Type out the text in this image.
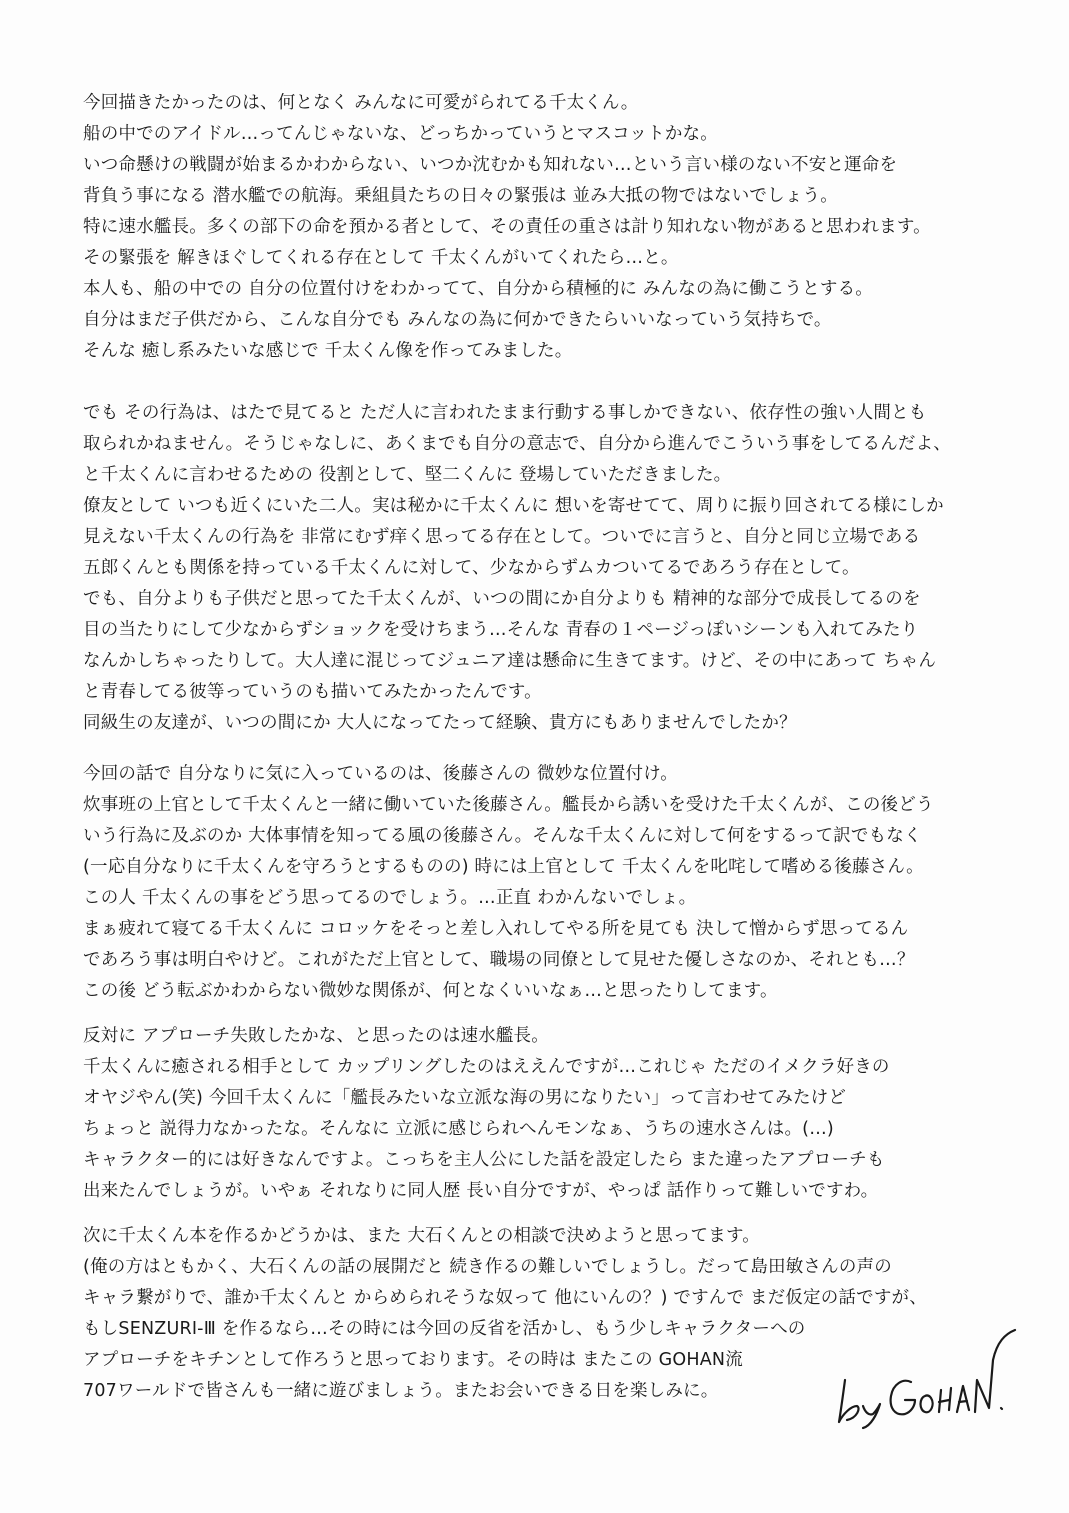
今回描きたかったのは、何となく みんなに可愛がられてる千太くん。
船の中でのアイドル…ってんじゃないな、どっちかっていうとマスコットかな。
いつ命懸けの戦闘が始まるかわからない、いつか沈むかも知れない…という言い様のない不安と運命を
背負う事になる 潜水艦での航海。乗組員たちの日々の緊張は 並み大抵の物ではないでしょう。
特に速水艦長。多くの部下の命を預かる者として、その責任の重さは計り知れない物があると思われます。
その緊張を 解きほぐしてくれる存在として 千太くんがいてくれたら…と。
本人も、船の中での 自分の位置付けをわかってて、自分から積極的に みんなの為に働こうとする。
自分はまだ子供だから、こんな自分でも みんなの為に何かできたらいいなっていう気持ちで。
そんな 癒し系みたいな感じで 千太くん像を作ってみました。
でも その行為は、はたで見てると ただ人に言われたまま行動する事しかできない、依存性の強い人間とも
取られかねません。そうじゃなしに、あくまでも自分の意志で、自分から進んでこういう事をしてるんだよ、
と千太くんに言わせるための 役割として、堅二くんに 登場していただきました。
僚友として いつも近くにいた二人。実は秘かに千太くんに 想いを寄せてて、周りに振り回されてる様にしか
見えない千太くんの行為を 非常にむず痒く思ってる存在として。ついでに言うと、自分と同じ立場である
五郎くんとも関係を持っている千太くんに対して、少なからずムカついてるであろう存在として。
でも、自分よりも子供だと思ってた千太くんが、いつの間にか自分よりも 精神的な部分で成長してるのを
目の当たりにして少なからずショックを受けちまう…そんな 青春の１ページっぽいシーンも入れてみたり
なんかしちゃったりして。大人達に混じってジュニア達は懸命に生きてます。けど、その中にあって ちゃん
と青春してる彼等っていうのも描いてみたかったんです。
同級生の友達が、いつの間にか 大人になってたって経験、貴方にもありませんでしたか？
今回の話で 自分なりに気に入っているのは、後藤さんの 微妙な位置付け。
炊事班の上官として千太くんと一緒に働いていた後藤さん。艦長から誘いを受けた千太くんが、この後どう
いう行為に及ぶのか 大体事情を知ってる風の後藤さん。そんな千太くんに対して何をするって訳でもなく
(一応自分なりに千太くんを守ろうとするものの) 時には上官として 千太くんを叱咤して嗜める後藤さん。
この人 千太くんの事をどう思ってるのでしょう。…正直 わかんないでしょ。
まぁ疲れて寝てる千太くんに コロッケをそっと差し入れしてやる所を見ても 決して憎からず思ってるん
であろう事は明白やけど。これがただ上官として、職場の同僚として見せた優しさなのか、それとも…？
この後 どう転ぶかわからない微妙な関係が、何となくいいなぁ…と思ったりしてます。
反対に アプローチ失敗したかな、と思ったのは速水艦長。
千太くんに癒される相手として カップリングしたのはええんですが…これじゃ ただのイメクラ好きの
オヤジやん(笑) 今回千太くんに「艦長みたいな立派な海の男になりたい」って言わせてみたけど
ちょっと 説得力なかったな。そんなに 立派に感じられへんモンなぁ、うちの速水さんは。(…)
キャラクター的には好きなんですよ。こっちを主人公にした話を設定したら また違ったアプローチも
出来たんでしょうが。いやぁ それなりに同人歴 長い自分ですが、やっぱ 話作りって難しいですわ。
次に千太くん本を作るかどうかは、また 大石くんとの相談で決めようと思ってます。
(俺の方はともかく、大石くんの話の展開だと 続き作るの難しいでしょうし。だって島田敏さんの声の
キャラ繋がりで、誰か千太くんと からめられそうな奴って 他にいんの？) ですんで まだ仮定の話ですが、
もしSENZURI-Ⅲ を作るなら…その時には今回の反省を活かし、もう少しキャラクターへの
アプローチをキチンとして作ろうと思っております。その時は またこの GOHAN流
707ワールドで皆さんも一緒に遊びましょう。またお会いできる日を楽しみに。
